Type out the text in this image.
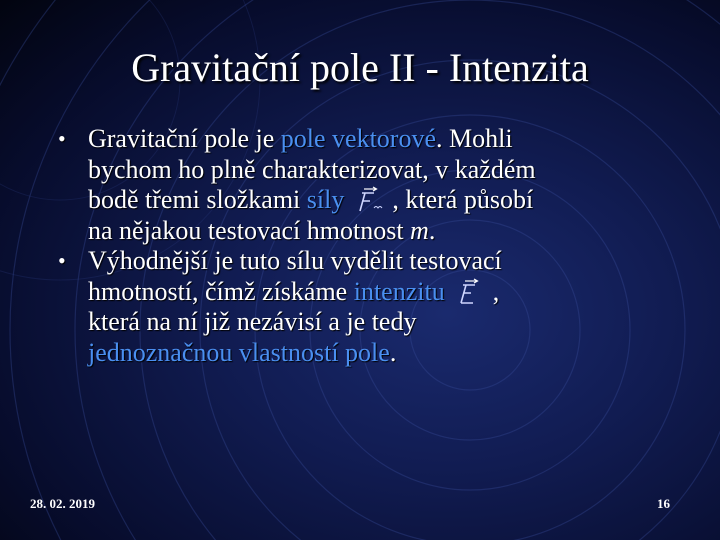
Gravitační pole II - Intenzita
• Gravitační pole je pole vektorové. Mohli
bychom ho plně charakterizovat, v každém
bodě třemi složkami síly , která působí
na nějakou testovací hmotnost m.
• Výhodnější je tuto sílu vydělit testovací
hmotností, čímž získáme intenzitu ,
která na ní již nezávisí a je tedy
jednoznačnou vlastností pole.
28. 02. 2019	16
